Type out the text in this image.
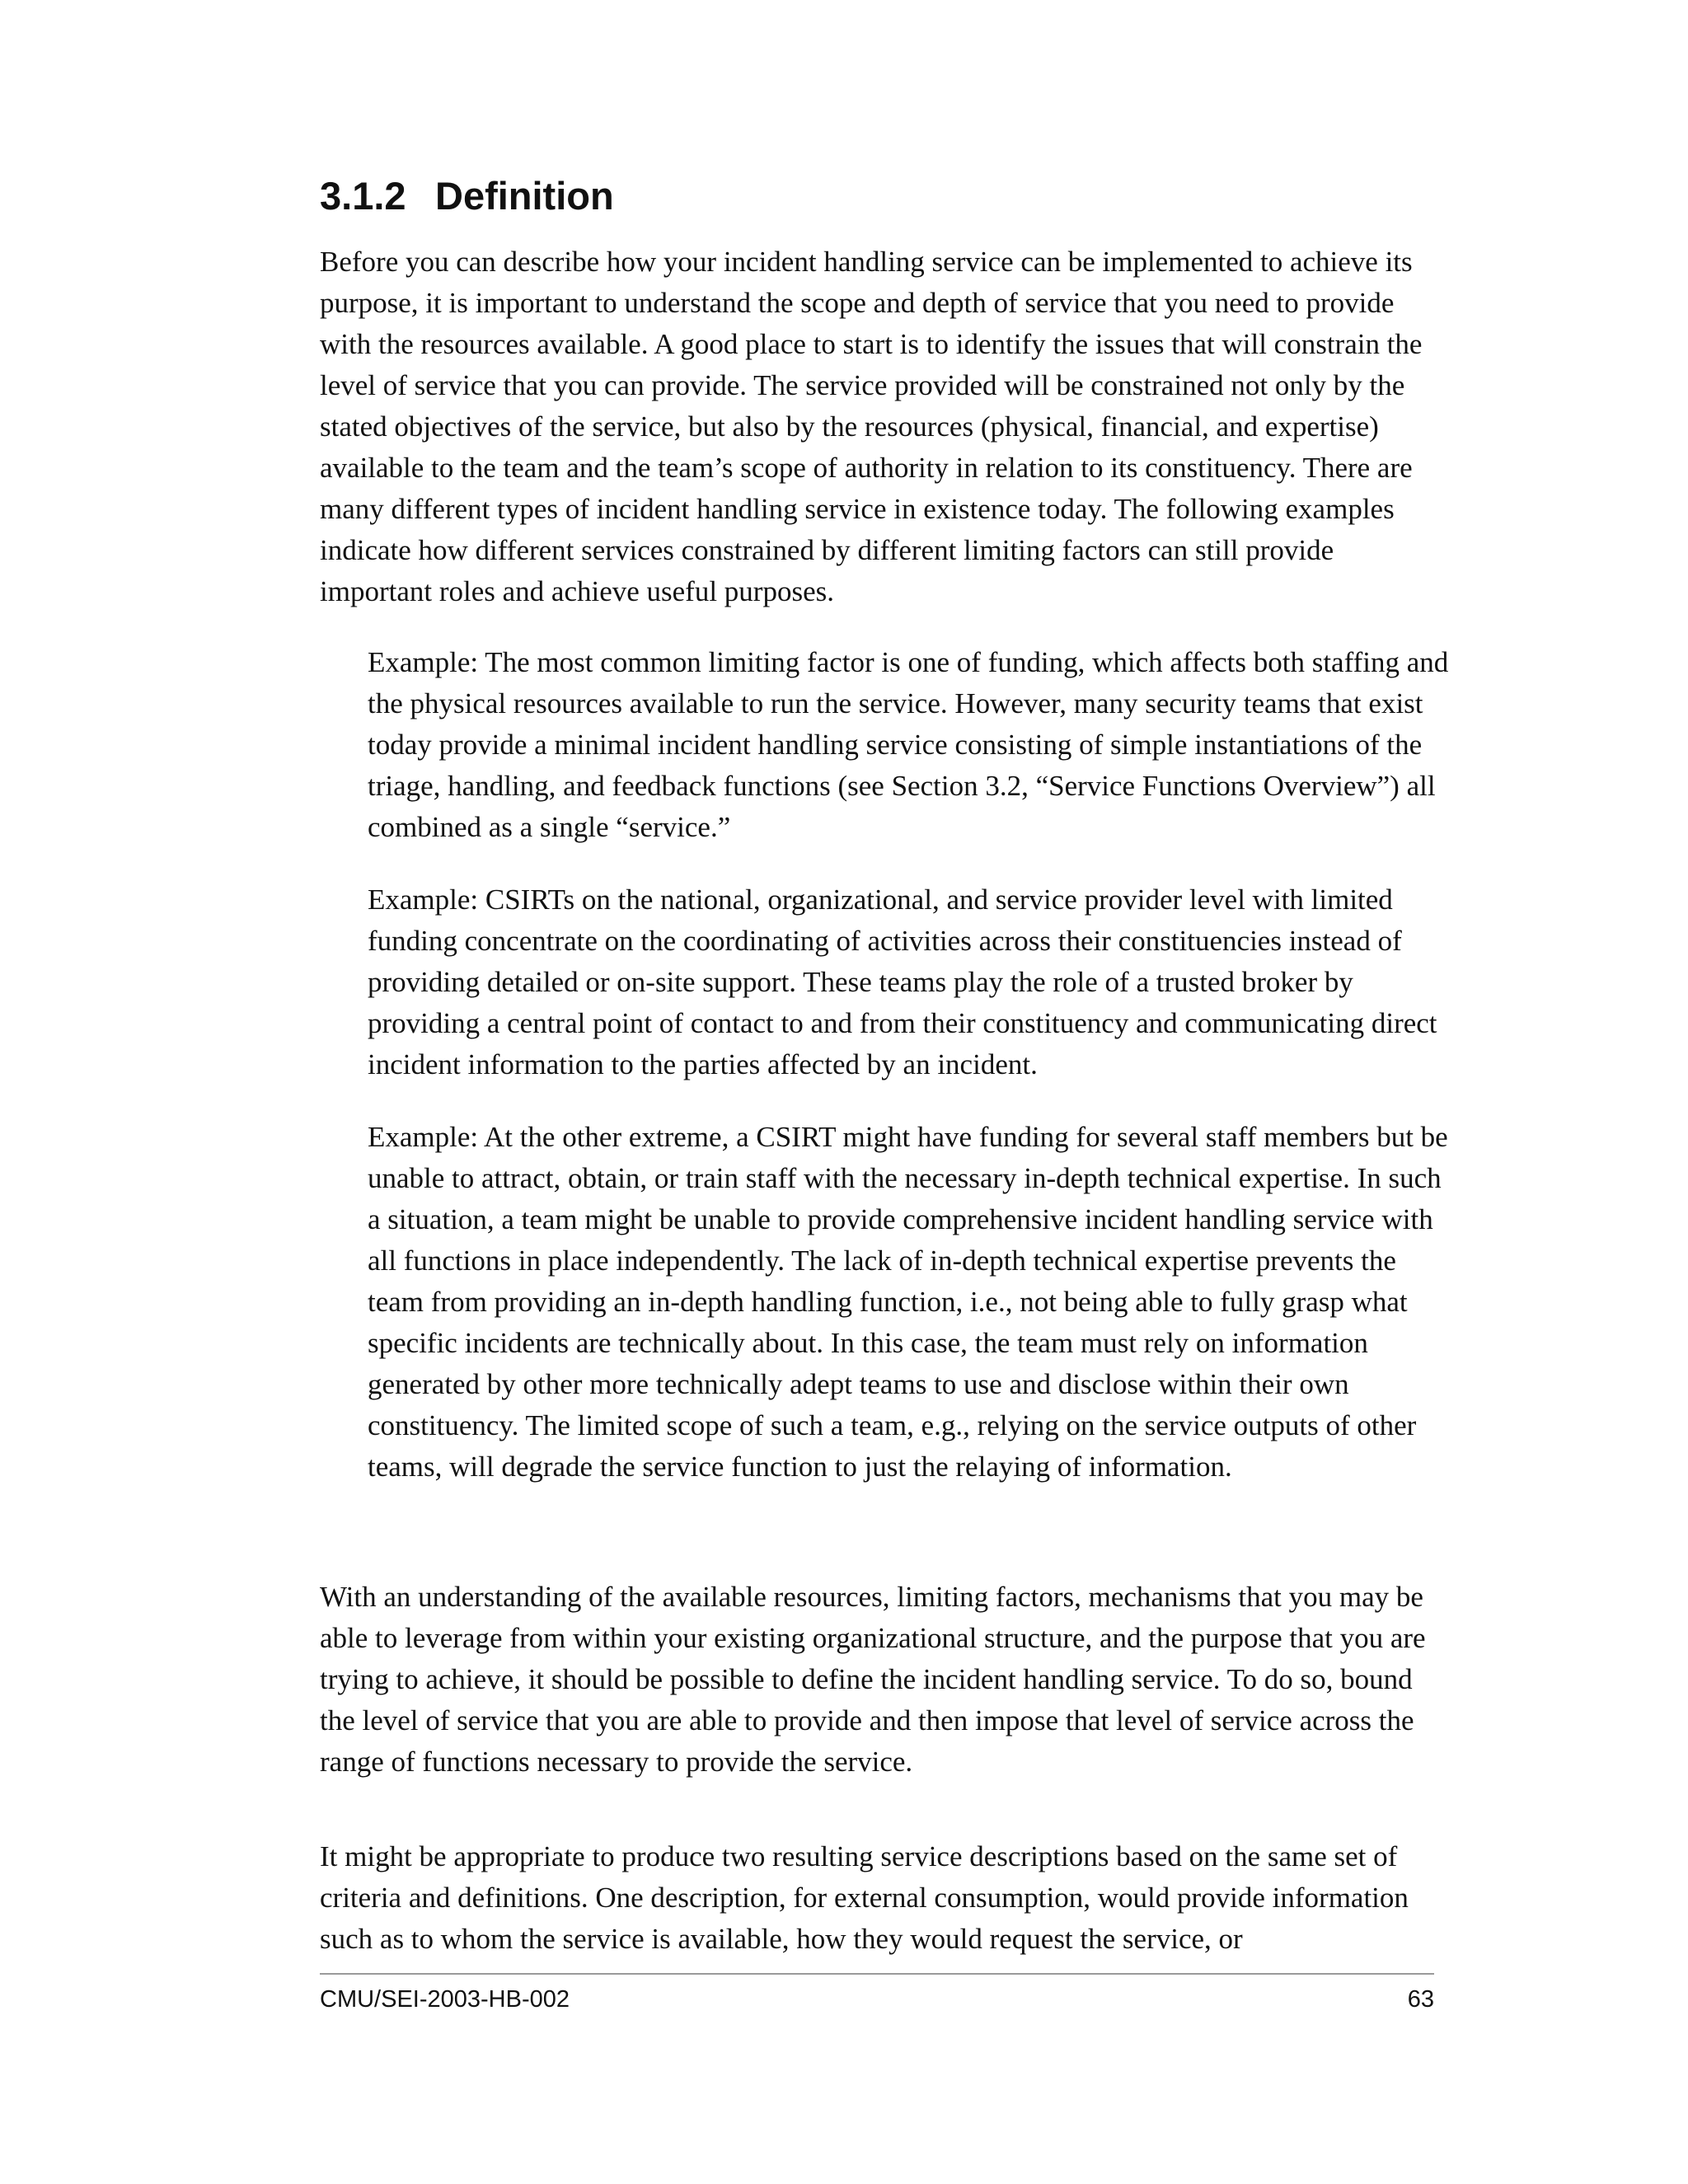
3.1.2 Definition

Before you can describe how your incident handling service can be implemented to achieve its purpose, it is important to understand the scope and depth of service that you need to provide with the resources available. A good place to start is to identify the issues that will constrain the level of service that you can provide. The service provided will be constrained not only by the stated objectives of the service, but also by the resources (physical, financial, and expertise) available to the team and the team’s scope of authority in relation to its constituency. There are many different types of incident handling service in existence today. The following examples indicate how different services constrained by different limiting factors can still provide important roles and achieve useful purposes.

Example: The most common limiting factor is one of funding, which affects both staffing and the physical resources available to run the service. However, many security teams that exist today provide a minimal incident handling service consisting of simple instantiations of the triage, handling, and feedback functions (see Section 3.2, “Service Functions Overview”) all combined as a single “service.”

Example: CSIRTs on the national, organizational, and service provider level with limited funding concentrate on the coordinating of activities across their constituencies instead of providing detailed or on-site support. These teams play the role of a trusted broker by providing a central point of contact to and from their constituency and communicating direct incident information to the parties affected by an incident.

Example: At the other extreme, a CSIRT might have funding for several staff members but be unable to attract, obtain, or train staff with the necessary in-depth technical expertise. In such a situation, a team might be unable to provide comprehensive incident handling service with all functions in place independently. The lack of in-depth technical expertise prevents the team from providing an in-depth handling function, i.e., not being able to fully grasp what specific incidents are technically about. In this case, the team must rely on information generated by other more technically adept teams to use and disclose within their own constituency. The limited scope of such a team, e.g., relying on the service outputs of other teams, will degrade the service function to just the relaying of information.

With an understanding of the available resources, limiting factors, mechanisms that you may be able to leverage from within your existing organizational structure, and the purpose that you are trying to achieve, it should be possible to define the incident handling service. To do so, bound the level of service that you are able to provide and then impose that level of service across the range of functions necessary to provide the service.

It might be appropriate to produce two resulting service descriptions based on the same set of criteria and definitions. One description, for external consumption, would provide information such as to whom the service is available, how they would request the service, or

CMU/SEI-2003-HB-002	63
